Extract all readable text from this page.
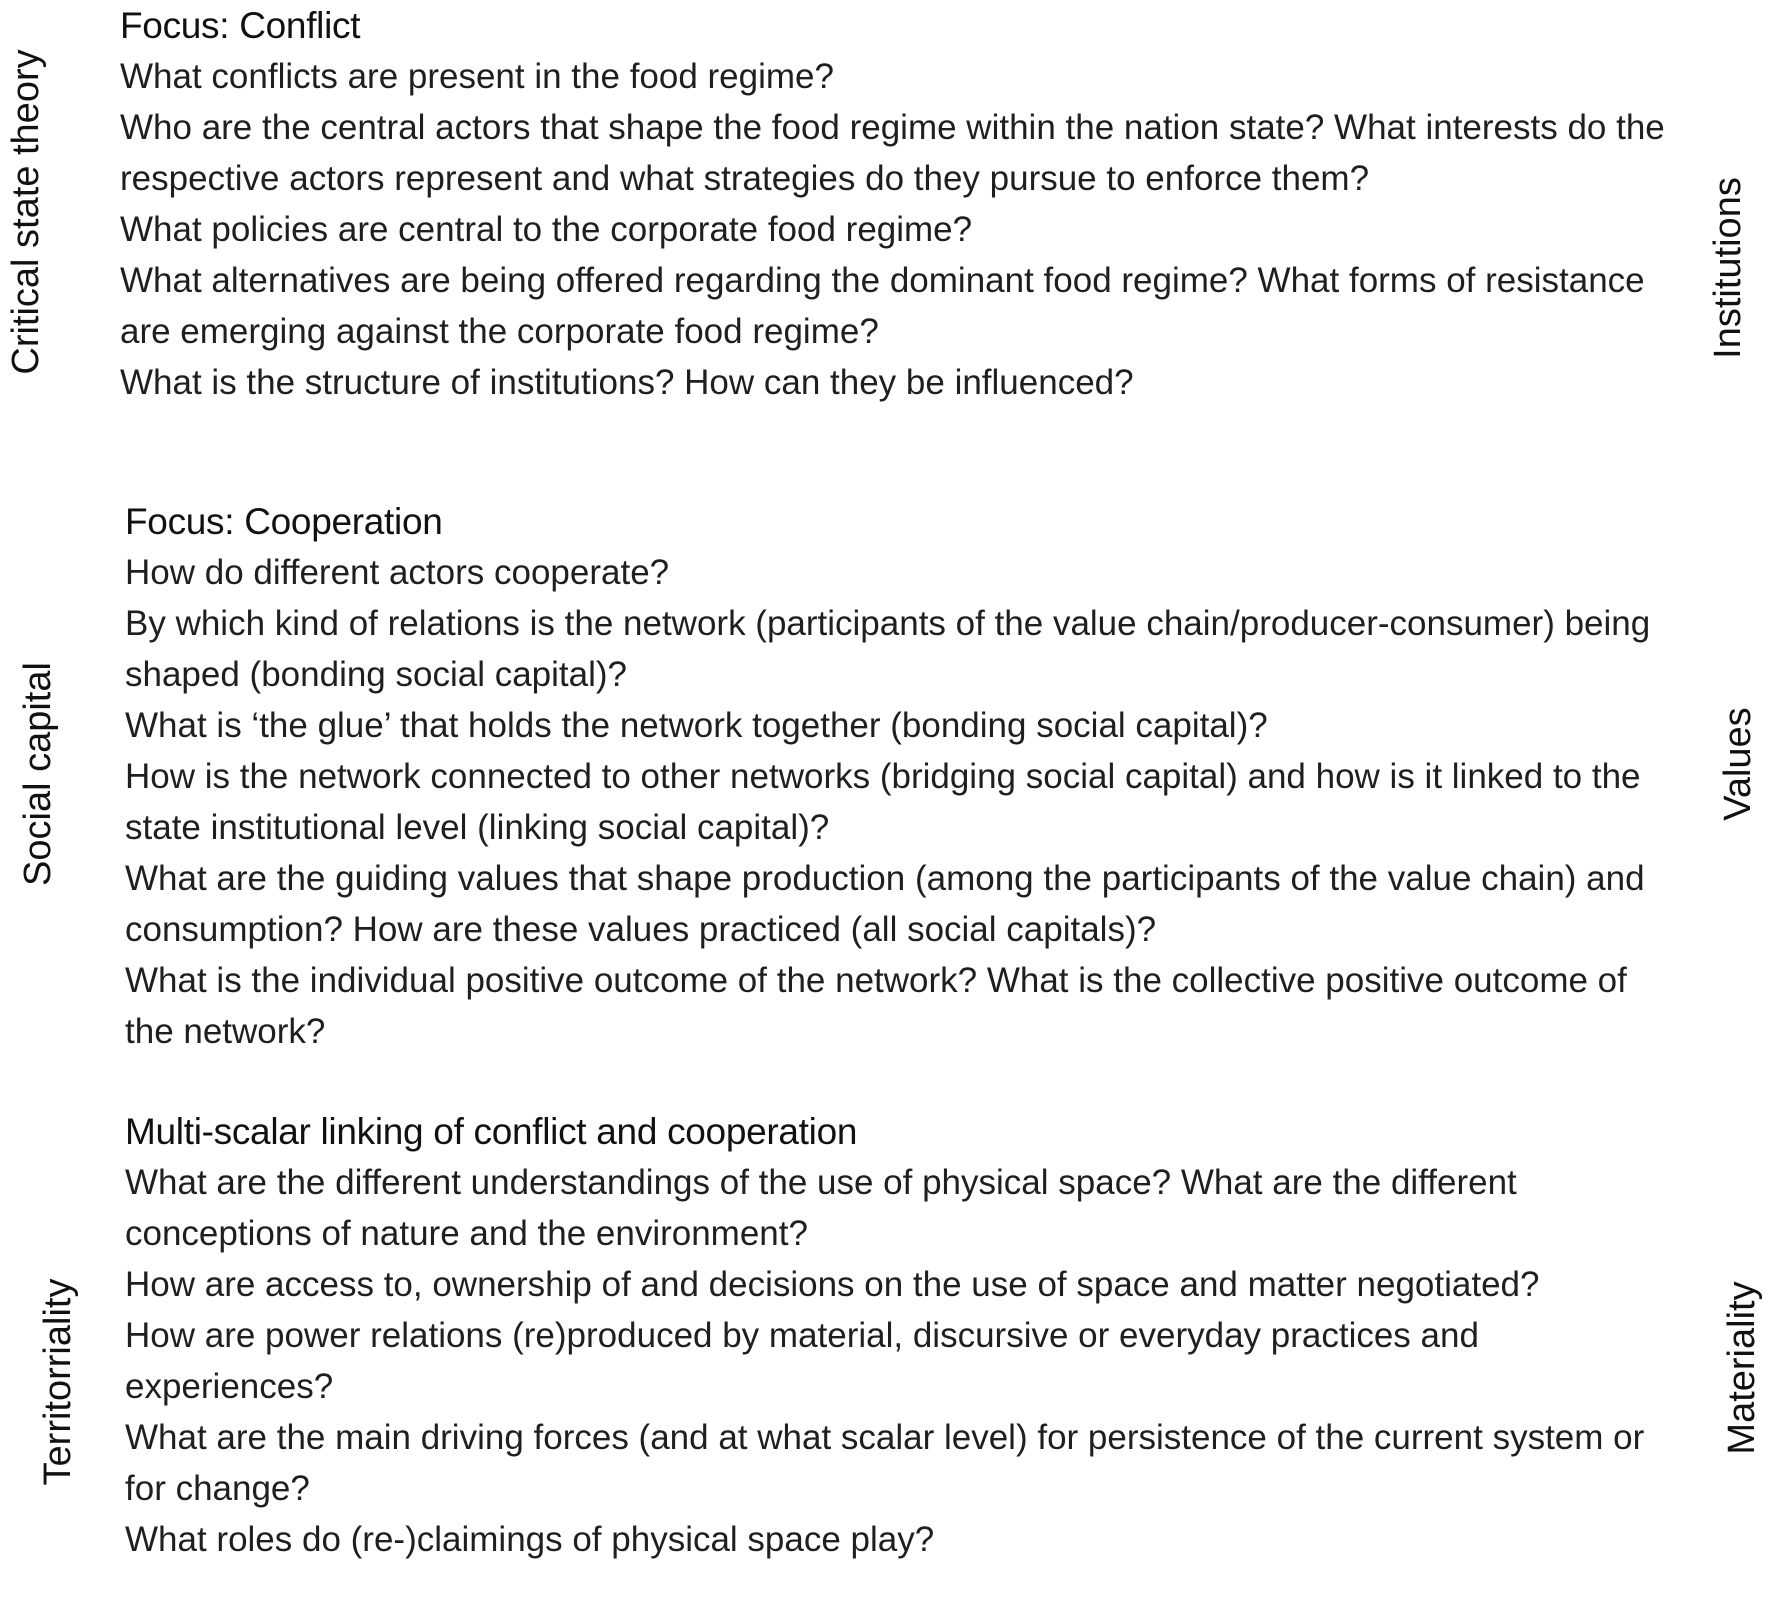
Critical state theory	Institutions
Focus: Conflict
What conflicts are present in the food regime?
Who are the central actors that shape the food regime within the nation state? What interests do the respective actors represent and what strategies do they pursue to enforce them?
What policies are central to the corporate food regime?
What alternatives are being offered regarding the dominant food regime? What forms of resistance are emerging against the corporate food regime?
What is the structure of institutions? How can they be influenced?
Social capital	Values
Focus: Cooperation
How do different actors cooperate?
By which kind of relations is the network (participants of the value chain/producer-consumer) being shaped (bonding social capital)?
What is ‘the glue’ that holds the network together (bonding social capital)?
How is the network connected to other networks (bridging social capital) and how is it linked to the state institutional level (linking social capital)?
What are the guiding values that shape production (among the participants of the value chain) and consumption? How are these values practiced (all social capitals)?
What is the individual positive outcome of the network? What is the collective positive outcome of the network?
Territorriality	Materiality
Multi-scalar linking of conflict and cooperation
What are the different understandings of the use of physical space? What are the different conceptions of nature and the environment?
How are access to, ownership of and decisions on the use of space and matter negotiated?
How are power relations (re)produced by material, discursive or everyday practices and experiences?
What are the main driving forces (and at what scalar level) for persistence of the current system or for change?
What roles do (re-)claimings of physical space play?
